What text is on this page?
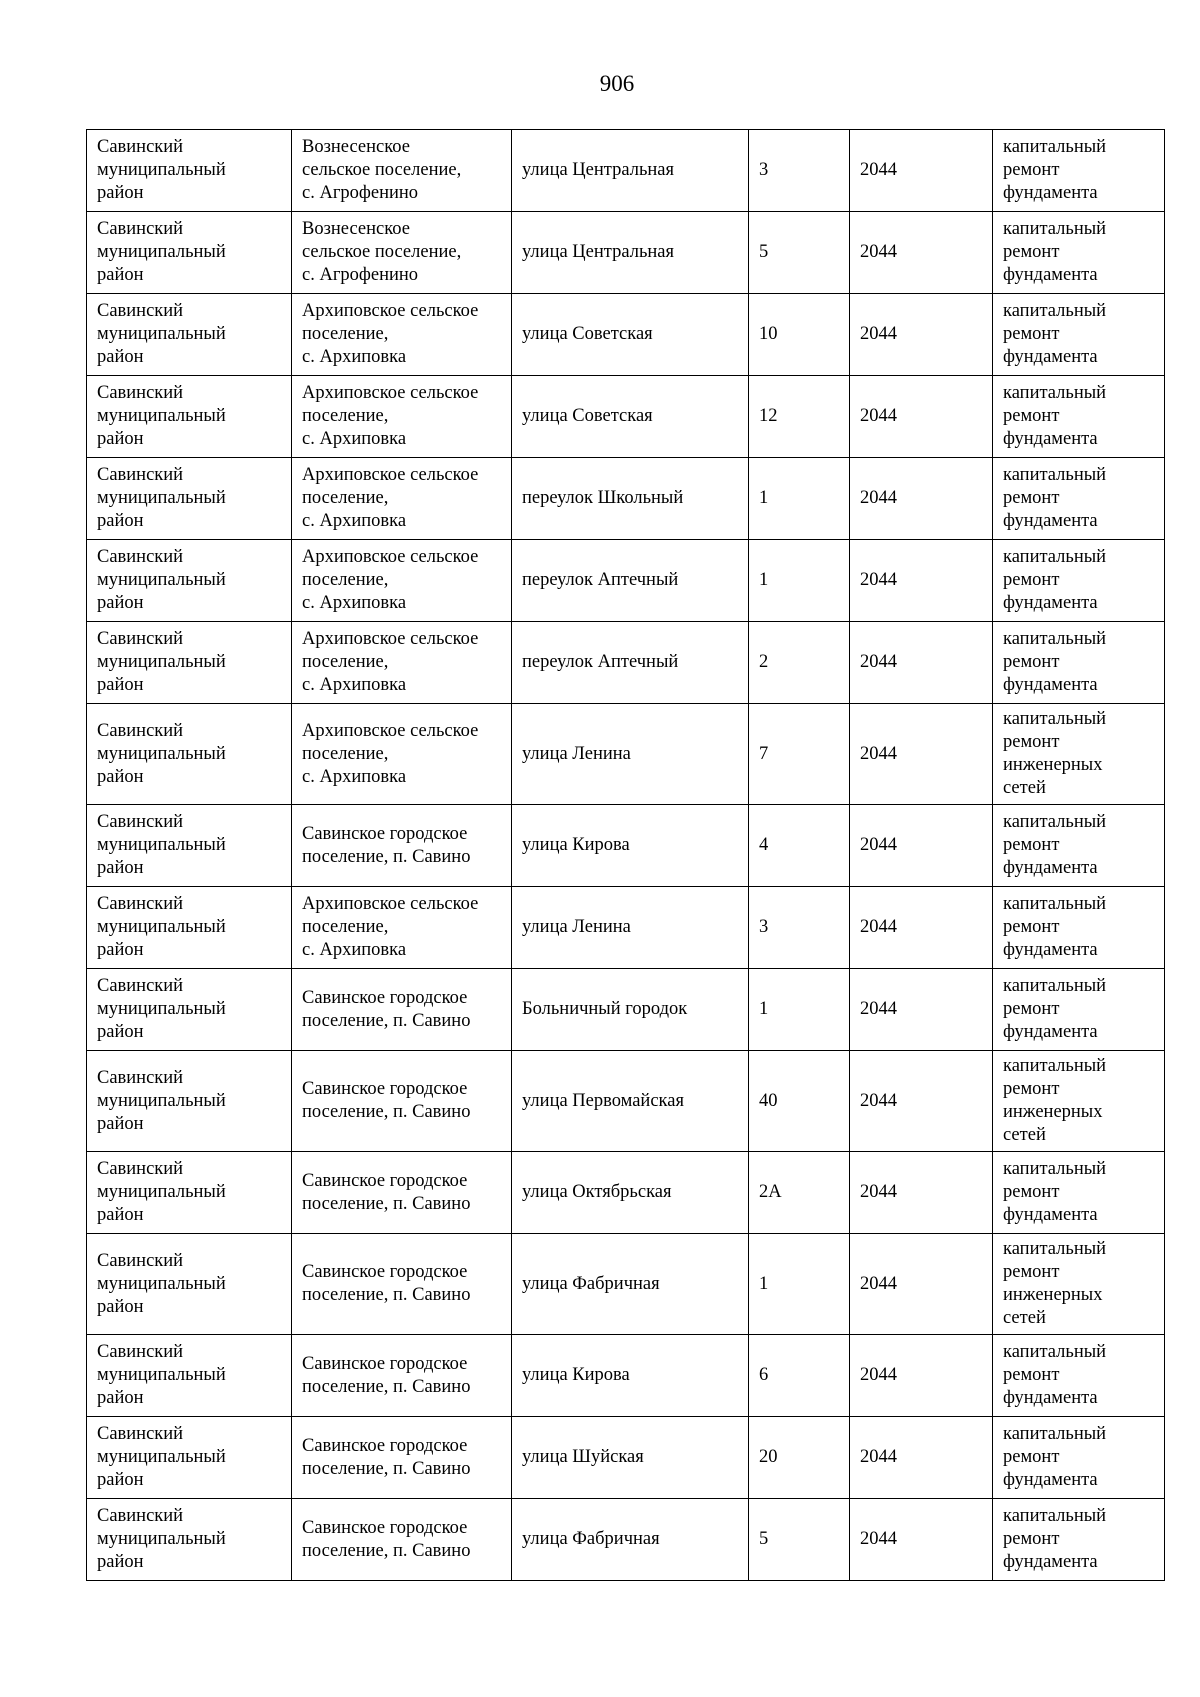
906
Савинский
муниципальный
район	Вознесенское
сельское поселение,
с. Агрофенино	улица Центральная	3	2044	капитальный
ремонт
фундамента
Савинский
муниципальный
район	Вознесенское
сельское поселение,
с. Агрофенино	улица Центральная	5	2044	капитальный
ремонт
фундамента
Савинский
муниципальный
район	Архиповское сельское
поселение,
с. Архиповка	улица Советская	10	2044	капитальный
ремонт
фундамента
Савинский
муниципальный
район	Архиповское сельское
поселение,
с. Архиповка	улица Советская	12	2044	капитальный
ремонт
фундамента
Савинский
муниципальный
район	Архиповское сельское
поселение,
с. Архиповка	переулок Школьный	1	2044	капитальный
ремонт
фундамента
Савинский
муниципальный
район	Архиповское сельское
поселение,
с. Архиповка	переулок Аптечный	1	2044	капитальный
ремонт
фундамента
Савинский
муниципальный
район	Архиповское сельское
поселение,
с. Архиповка	переулок Аптечный	2	2044	капитальный
ремонт
фундамента
Савинский
муниципальный
район	Архиповское сельское
поселение,
с. Архиповка	улица Ленина	7	2044	капитальный
ремонт
инженерных
сетей
Савинский
муниципальный
район	Савинское городское
поселение, п. Савино	улица Кирова	4	2044	капитальный
ремонт
фундамента
Савинский
муниципальный
район	Архиповское сельское
поселение,
с. Архиповка	улица Ленина	3	2044	капитальный
ремонт
фундамента
Савинский
муниципальный
район	Савинское городское
поселение, п. Савино	Больничный городок	1	2044	капитальный
ремонт
фундамента
Савинский
муниципальный
район	Савинское городское
поселение, п. Савино	улица Первомайская	40	2044	капитальный
ремонт
инженерных
сетей
Савинский
муниципальный
район	Савинское городское
поселение, п. Савино	улица Октябрьская	2А	2044	капитальный
ремонт
фундамента
Савинский
муниципальный
район	Савинское городское
поселение, п. Савино	улица Фабричная	1	2044	капитальный
ремонт
инженерных
сетей
Савинский
муниципальный
район	Савинское городское
поселение, п. Савино	улица Кирова	6	2044	капитальный
ремонт
фундамента
Савинский
муниципальный
район	Савинское городское
поселение, п. Савино	улица Шуйская	20	2044	капитальный
ремонт
фундамента
Савинский
муниципальный
район	Савинское городское
поселение, п. Савино	улица Фабричная	5	2044	капитальный
ремонт
фундамента
